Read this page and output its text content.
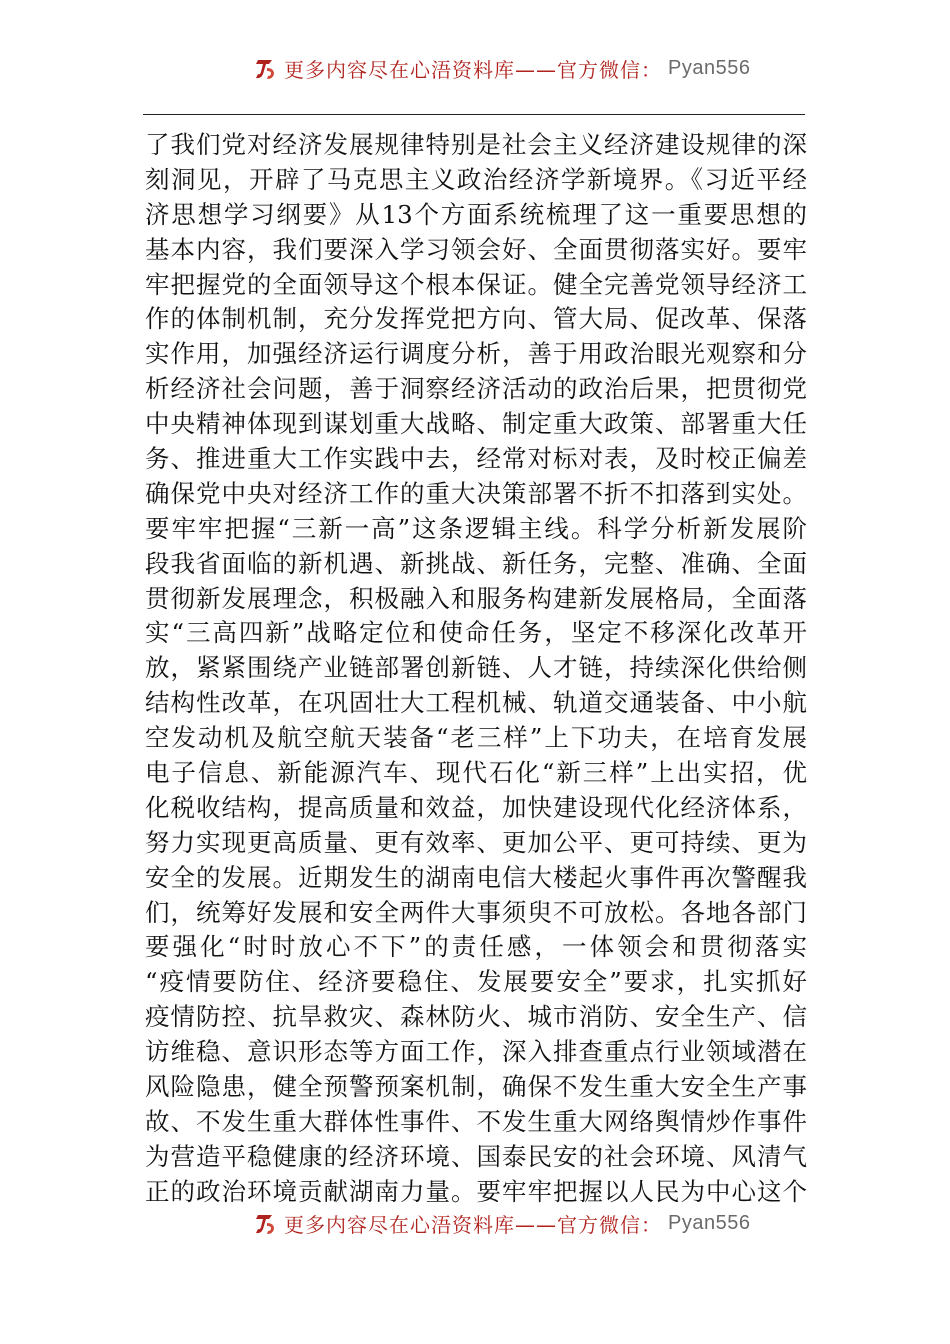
更多内容尽在心浯资料库——官方微信： Pyan556
了我们党对经济发展规律特别是社会主义经济建设规律的深
刻洞见，开辟了马克思主义政治经济学新境界。《习近平经
济思想学习纲要》从13个方面系统梳理了这一重要思想的
基本内容，我们要深入学习领会好、全面贯彻落实好。要牢
牢把握党的全面领导这个根本保证。健全完善党领导经济工
作的体制机制，充分发挥党把方向、管大局、促改革、保落
实作用，加强经济运行调度分析，善于用政治眼光观察和分
析经济社会问题，善于洞察经济活动的政治后果，把贯彻党
中央精神体现到谋划重大战略、制定重大政策、部署重大任
务、推进重大工作实践中去，经常对标对表，及时校正偏差
确保党中央对经济工作的重大决策部署不折不扣落到实处。
要牢牢把握“三新一高”这条逻辑主线。科学分析新发展阶
段我省面临的新机遇、新挑战、新任务，完整、准确、全面
贯彻新发展理念，积极融入和服务构建新发展格局，全面落
实“三高四新”战略定位和使命任务，坚定不移深化改革开
放，紧紧围绕产业链部署创新链、人才链，持续深化供给侧
结构性改革，在巩固壮大工程机械、轨道交通装备、中小航
空发动机及航空航天装备“老三样”上下功夫，在培育发展
电子信息、新能源汽车、现代石化“新三样”上出实招，优
化税收结构，提高质量和效益，加快建设现代化经济体系，
努力实现更高质量、更有效率、更加公平、更可持续、更为
安全的发展。近期发生的湖南电信大楼起火事件再次警醒我
们，统筹好发展和安全两件大事须臾不可放松。各地各部门
要强化“时时放心不下”的责任感，一体领会和贯彻落实
“疫情要防住、经济要稳住、发展要安全”要求，扎实抓好
疫情防控、抗旱救灾、森林防火、城市消防、安全生产、信
访维稳、意识形态等方面工作，深入排查重点行业领域潜在
风险隐患，健全预警预案机制，确保不发生重大安全生产事
故、不发生重大群体性事件、不发生重大网络舆情炒作事件
为营造平稳健康的经济环境、国泰民安的社会环境、风清气
正的政治环境贡献湖南力量。要牢牢把握以人民为中心这个
更多内容尽在心浯资料库——官方微信： Pyan556
